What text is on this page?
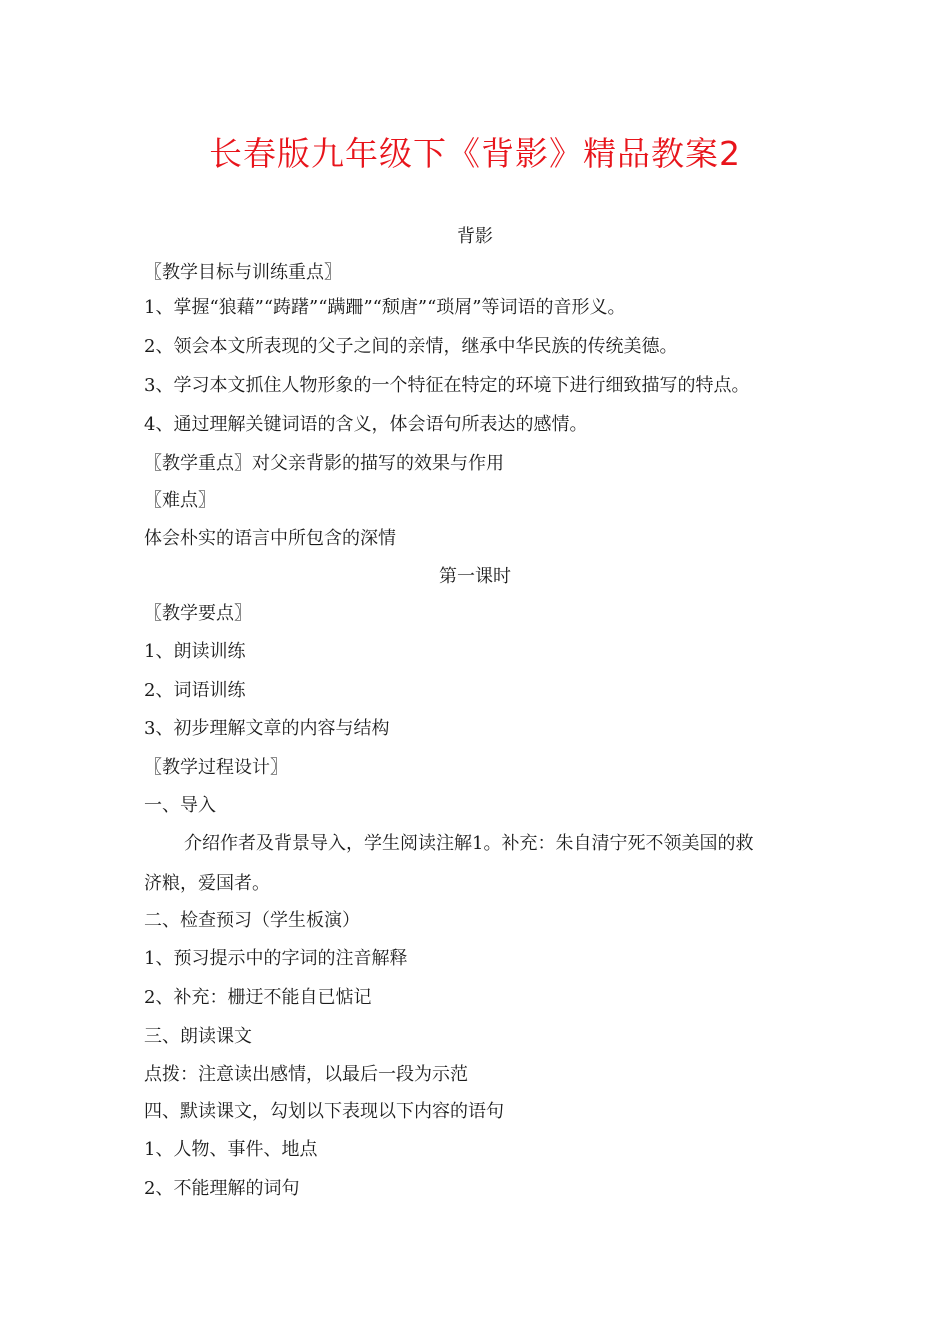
长春版九年级下《背影》精品教案2
背影
〖教学目标与训练重点〗
1、掌握“狼藉”“踌躇”“蹒跚”“颓唐”“琐屑”等词语的音形义。
2、领会本文所表现的父子之间的亲情，继承中华民族的传统美德。
3、学习本文抓住人物形象的一个特征在特定的环境下进行细致描写的特点。
4、通过理解关键词语的含义，体会语句所表达的感情。
〖教学重点〗对父亲背影的描写的效果与作用
〖难点〗
体会朴实的语言中所包含的深情
第一课时
〖教学要点〗
1、朗读训练
2、词语训练
3、初步理解文章的内容与结构
〖教学过程设计〗
一、导入
介绍作者及背景导入，学生阅读注解1。补充：朱自清宁死不领美国的救
济粮，爱国者。
二、检查预习（学生板演）
1、预习提示中的字词的注音解释
2、补充：栅迂不能自已惦记
三、朗读课文
点拨：注意读出感情，以最后一段为示范
四、默读课文，勾划以下表现以下内容的语句
1、人物、事件、地点
2、不能理解的词句
